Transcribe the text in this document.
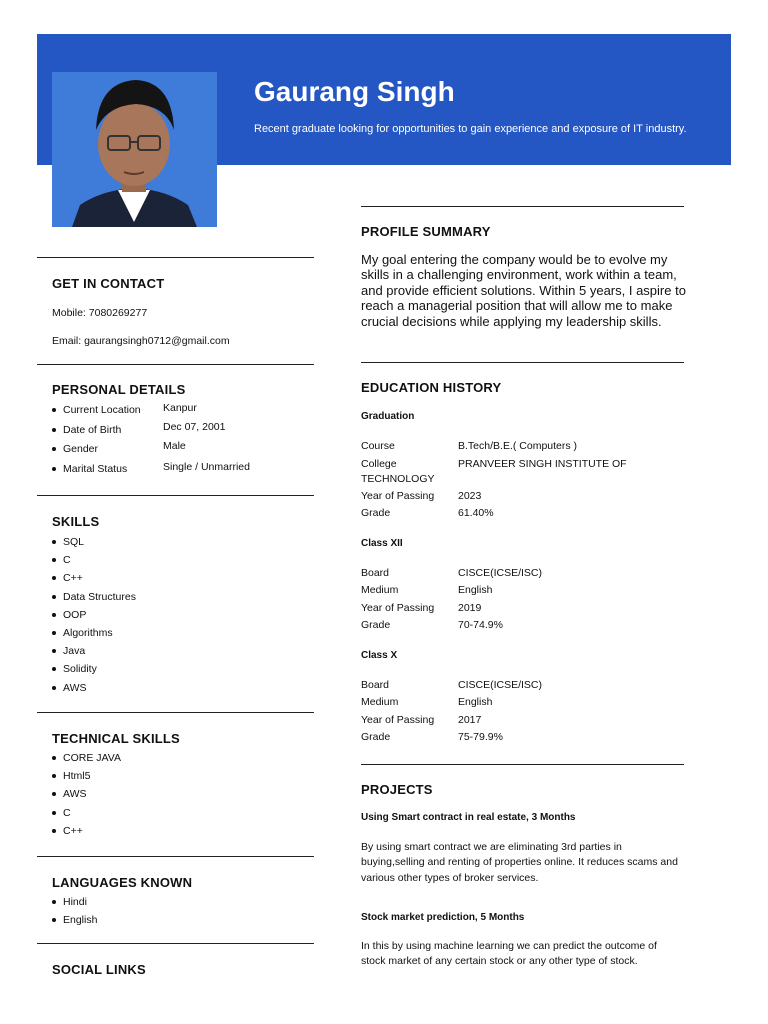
Gaurang Singh
Recent graduate looking for opportunities to gain experience and exposure of IT industry.
GET IN CONTACT
Mobile: 7080269277
Email: gaurangsingh0712@gmail.com
PERSONAL DETAILS
Current Location Kanpur
Date of Birth	Dec 07, 2001
Gender	Male
Marital Status	Single / Unmarried
SKILLS
SQL
C
C++
Data Structures
OOP
Algorithms
Java
Solidity
AWS
TECHNICAL SKILLS
CORE JAVA
Html5
AWS
C
C++
LANGUAGES KNOWN
Hindi
English
SOCIAL LINKS
PROFILE SUMMARY
My goal entering the company would be to evolve my skills in a challenging environment, work within a team, and provide efficient solutions. Within 5 years, I aspire to reach a managerial position that will allow me to make crucial decisions while applying my leadership skills.
EDUCATION HISTORY
Graduation
Course	B.Tech/B.E.( Computers )
College	PRANVEER SINGH INSTITUTE OF
TECHNOLOGY
Year of Passing 2023
Grade	61.40%
Class XII
Board	CISCE(ICSE/ISC)
Medium	English
Year of Passing 2019
Grade	70-74.9%
Class X
Board	CISCE(ICSE/ISC)
Medium	English
Year of Passing 2017
Grade	75-79.9%
PROJECTS
Using Smart contract in real estate, 3 Months
By using smart contract we are eliminating 3rd parties in buying,selling and renting of properties online. It reduces scams and various other types of broker services.
Stock market prediction, 5 Months
In this by using machine learning we can predict the outcome of stock market of any certain stock or any other type of stock.
